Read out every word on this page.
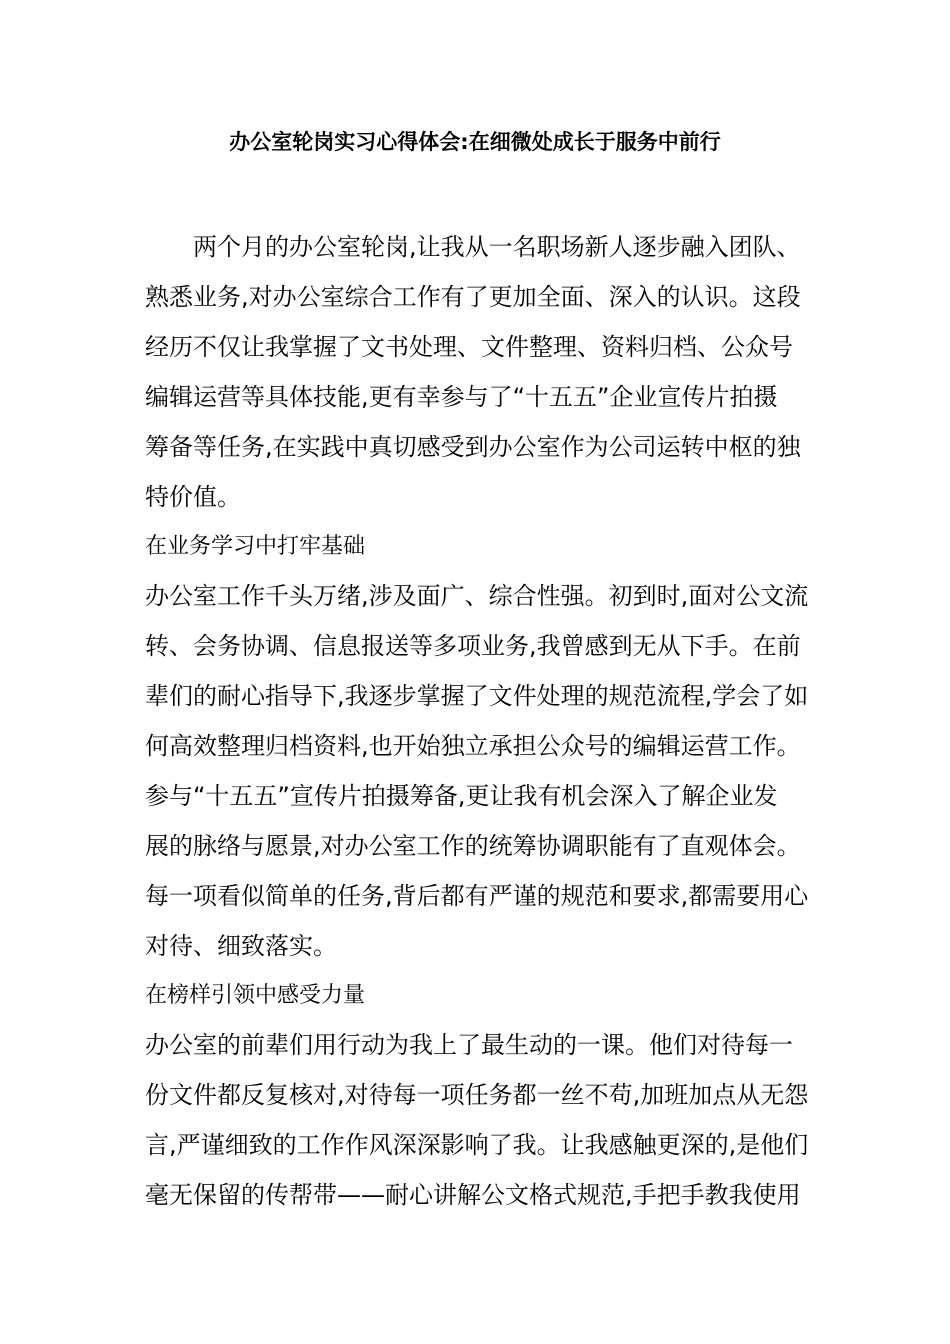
办公室轮岗实习心得体会:在细微处成长于服务中前行
两个月的办公室轮岗,让我从一名职场新人逐步融入团队、
熟悉业务,对办公室综合工作有了更加全面、深入的认识。这段
经历不仅让我掌握了文书处理、文件整理、资料归档、公众号
编辑运营等具体技能,更有幸参与了“十五五”企业宣传片拍摄
筹备等任务,在实践中真切感受到办公室作为公司运转中枢的独
特价值。
在业务学习中打牢基础
办公室工作千头万绪,涉及面广、综合性强。初到时,面对公文流
转、会务协调、信息报送等多项业务,我曾感到无从下手。在前
辈们的耐心指导下,我逐步掌握了文件处理的规范流程,学会了如
何高效整理归档资料,也开始独立承担公众号的编辑运营工作。
参与“十五五”宣传片拍摄筹备,更让我有机会深入了解企业发
展的脉络与愿景,对办公室工作的统筹协调职能有了直观体会。
每一项看似简单的任务,背后都有严谨的规范和要求,都需要用心
对待、细致落实。
在榜样引领中感受力量
办公室的前辈们用行动为我上了最生动的一课。他们对待每一
份文件都反复核对,对待每一项任务都一丝不苟,加班加点从无怨
言,严谨细致的工作作风深深影响了我。让我感触更深的,是他们
毫无保留的传帮带——耐心讲解公文格式规范,手把手教我使用
